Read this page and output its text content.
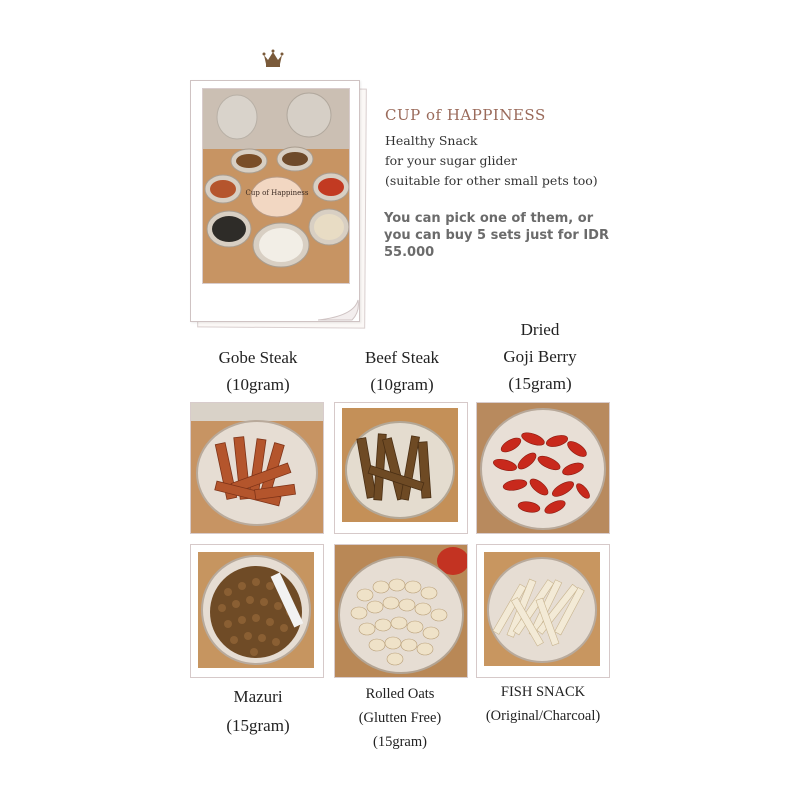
Cup of Happiness
CUP of HAPPINESS
Healthy Snack
for your sugar glider
(suitable for other small pets too)
You can pick one of them, or you can buy 5 sets just for IDR 55.000
Gobe Steak
(10gram)
Beef Steak
(10gram)
Dried
Goji Berry
(15gram)
Mazuri
(15gram)
Rolled Oats
(Glutten Free)
(15gram)
FISH SNACK
(Original/Charcoal)
